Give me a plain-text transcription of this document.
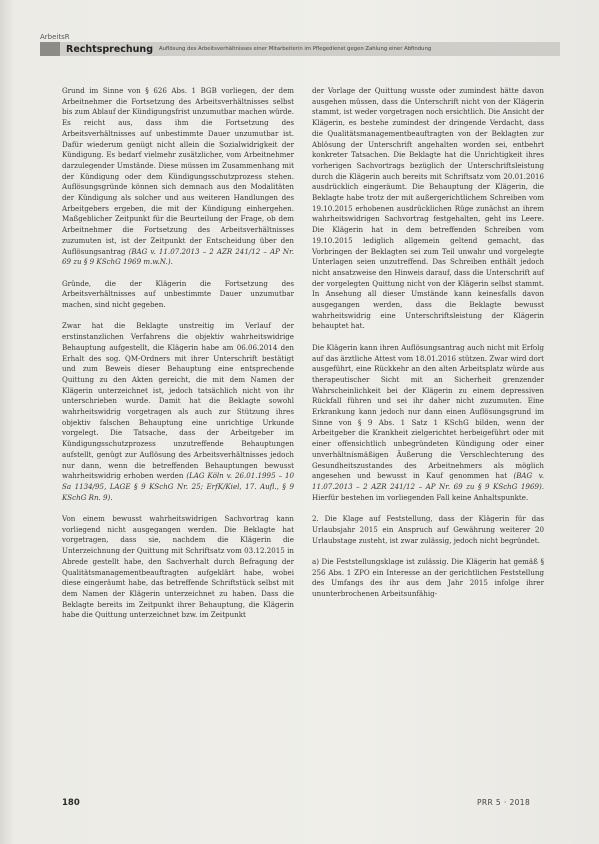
ArbeitsR
Rechtsprechung Auflösung des Arbeitsverhältnisses einer Mitarbeiterin im Pflegedienst gegen Zahlung einer Abfindung

Grund im Sinne von § 626 Abs. 1 BGB vorliegen, der dem Arbeitnehmer die Fortsetzung des Arbeitsverhältnisses selbst bis zum Ablauf der Kündigungsfrist unzumutbar machen würde. Es reicht aus, dass ihm die Fortsetzung des Arbeitsverhältnisses auf unbestimmte Dauer unzumutbar ist. Dafür wiederum genügt nicht allein die Sozialwidrigkeit der Kündigung. Es bedarf vielmehr zusätzlicher, vom Arbeitnehmer darzulegender Umstände. Diese müssen im Zusammenhang mit der Kündigung oder dem Kündigungsschutzprozess stehen. Auflösungsgründe können sich demnach aus den Modalitäten der Kündigung als solcher und aus weiteren Handlungen des Arbeitgebers ergeben, die mit der Kündigung einhergehen. Maßgeblicher Zeitpunkt für die Beurteilung der Frage, ob dem Arbeitnehmer die Fortsetzung des Arbeitsverhältnisses zuzumuten ist, ist der Zeitpunkt der Entscheidung über den Auflösungsantrag (BAG v. 11.07.2013 – 2 AZR 241/12 – AP Nr. 69 zu § 9 KSchG 1969 m.w.N.).

Gründe, die der Klägerin die Fortsetzung des Arbeitsverhältnisses auf unbestimmte Dauer unzumutbar machen, sind nicht gegeben.

Zwar hat die Beklagte unstreitig im Verlauf der erstinstanzlichen Verfahrens die objektiv wahrheitswidrige Behauptung aufgestellt, die Klägerin habe am 06.06.2014 den Erhalt des sog. QM-Ordners mit ihrer Unterschrift bestätigt und zum Beweis dieser Behauptung eine entsprechende Quittung zu den Akten gereicht, die mit dem Namen der Klägerin unterzeichnet ist, jedoch tatsächlich nicht von ihr unterschrieben wurde. Damit hat die Beklagte sowohl wahrheitswidrig vorgetragen als auch zur Stützung ihres objektiv falschen Behauptung eine unrichtige Urkunde vorgelegt. Die Tatsache, dass der Arbeitgeber im Kündigungsschutzprozess unzutreffende Behauptungen aufstellt, genügt zur Auflösung des Arbeitsverhältnisses jedoch nur dann, wenn die betreffenden Behauptungen bewusst wahrheitswidrig erhoben werden (LAG Köln v. 26.01.1995 – 10 Sa 1134/95, LAGE § 9 KSchG Nr. 25; ErfK/Kiel, 17. Aufl., § 9 KSchG Rn. 9).

Von einem bewusst wahrheitswidrigen Sachvortrag kann vorliegend nicht ausgegangen werden. Die Beklagte hat vorgetragen, dass sie, nachdem die Klägerin die Unterzeichnung der Quittung mit Schriftsatz vom 03.12.2015 in Abrede gestellt habe, den Sachverhalt durch Befragung der Qualitätsmanagementbeauftragten aufgeklärt habe, wobei diese eingeräumt habe, das betreffende Schriftstück selbst mit dem Namen der Klägerin unterzeichnet zu haben. Dass die Beklagte bereits im Zeitpunkt ihrer Behauptung, die Klägerin habe die Quittung unterzeichnet bzw. im Zeitpunkt

der Vorlage der Quittung wusste oder zumindest hätte davon ausgehen müssen, dass die Unterschrift nicht von der Klägerin stammt, ist weder vorgetragen noch ersichtlich. Die Ansicht der Klägerin, es bestehe zumindest der dringende Verdacht, dass die Qualitätsmanagementbeauftragten von der Beklagten zur Ablösung der Unterschrift angehalten worden sei, entbehrt konkreter Tatsachen. Die Beklagte hat die Unrichtigkeit ihres vorherigen Sachvortrags bezüglich der Unterschriftsleistung durch die Klägerin auch bereits mit Schriftsatz vom 20.01.2016 ausdrücklich eingeräumt. Die Behauptung der Klägerin, die Beklagte habe trotz der mit außergerichtlichem Schreiben vom 19.10.2015 erhobenen ausdrücklichen Rüge zunächst an ihrem wahrheitswidrigen Sachvortrag festgehalten, geht ins Leere. Die Klägerin hat in dem betreffenden Schreiben vom 19.10.2015 lediglich allgemein geltend gemacht, das Vorbringen der Beklagten sei zum Teil unwahr und vorgelegte Unterlagen seien unzutreffend. Das Schreiben enthält jedoch nicht ansatzweise den Hinweis darauf, dass die Unterschrift auf der vorgelegten Quittung nicht von der Klägerin selbst stammt. In Ansehung all dieser Umstände kann keinesfalls davon ausgegangen werden, dass die Beklagte bewusst wahrheitswidrig eine Unterschriftsleistung der Klägerin behauptet hat.

Die Klägerin kann ihren Auflösungsantrag auch nicht mit Erfolg auf das ärztliche Attest vom 18.01.2016 stützen. Zwar wird dort ausgeführt, eine Rückkehr an den alten Arbeitsplatz würde aus therapeutischer Sicht mit an Sicherheit grenzender Wahrscheinlichkeit bei der Klägerin zu einem depressiven Rückfall führen und sei ihr daher nicht zuzumuten. Eine Erkrankung kann jedoch nur dann einen Auflösungsgrund im Sinne von § 9 Abs. 1 Satz 1 KSchG bilden, wenn der Arbeitgeber die Krankheit zielgerichtet herbeigeführt oder mit einer offensichtlich unbegründeten Kündigung oder einer unverhältnismäßigen Äußerung die Verschlechterung des Gesundheitszustandes des Arbeitnehmers als möglich angesehen und bewusst in Kauf genommen hat (BAG v. 11.07.2013 – 2 AZR 241/12 – AP Nr. 69 zu § 9 KSchG 1969). Hierfür bestehen im vorliegenden Fall keine Anhaltspunkte.

2. Die Klage auf Feststellung, dass der Klägerin für das Urlaubsjahr 2015 ein Anspruch auf Gewährung weiterer 20 Urlaubstage zusteht, ist zwar zulässig, jedoch nicht begründet.

a) Die Feststellungsklage ist zulässig. Die Klägerin hat gemäß § 256 Abs. 1 ZPO ein Interesse an der gerichtlichen Feststellung des Umfangs des ihr aus dem Jahr 2015 infolge ihrer ununterbrochenen Arbeitsunfähig-

180	PRR 5 · 2018
